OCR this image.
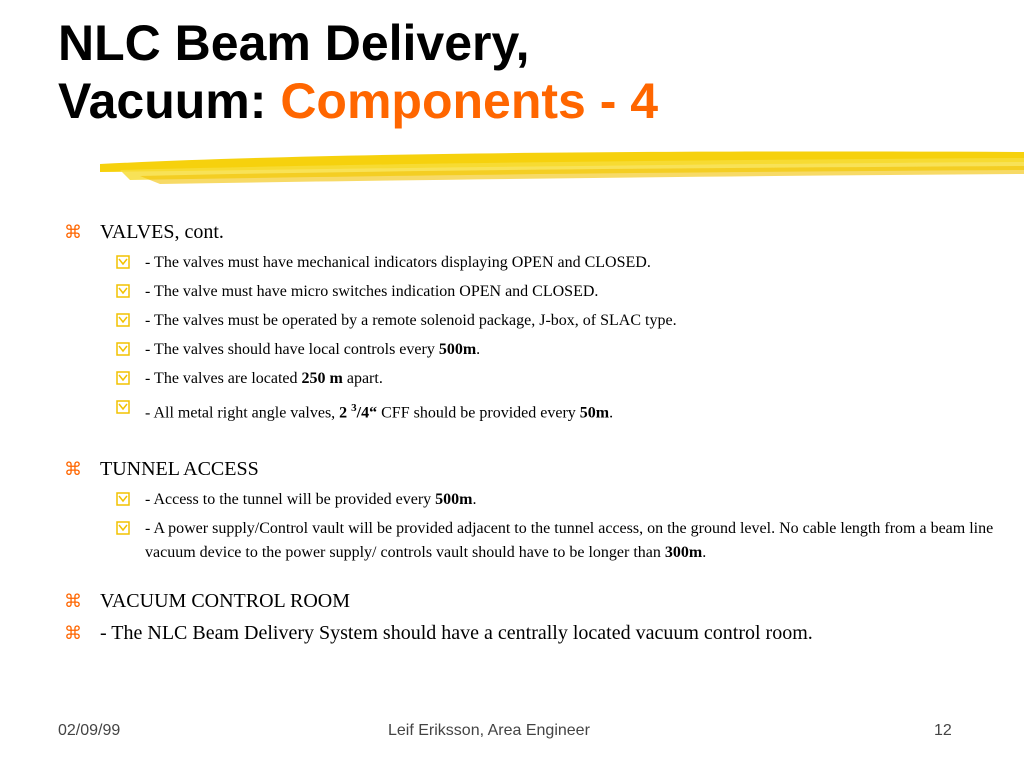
NLC Beam Delivery,
Vacuum: Components - 4
⌘ VALVES, cont.
- The valves must have mechanical indicators displaying OPEN and CLOSED.
- The valve must have micro switches indication OPEN and CLOSED.
- The valves must be operated by a remote solenoid package, J-box, of SLAC type.
- The valves should have local controls every 500m.
- The valves are located 250 m apart.
- All metal right angle valves, 2 $^3$/4“ CFF should be provided every 50m.
⌘ TUNNEL ACCESS
- Access to the tunnel will be provided every 500m.
- A power supply/Control vault will be provided adjacent to the tunnel access, on the ground level. No cable length from a beam line vacuum device to the power supply/ controls vault should have to be longer than 300m.
⌘ VACUUM CONTROL ROOM
⌘ - The NLC Beam Delivery System should have a centrally located vacuum control room.
02/09/99	Leif Eriksson, Area Engineer	12
